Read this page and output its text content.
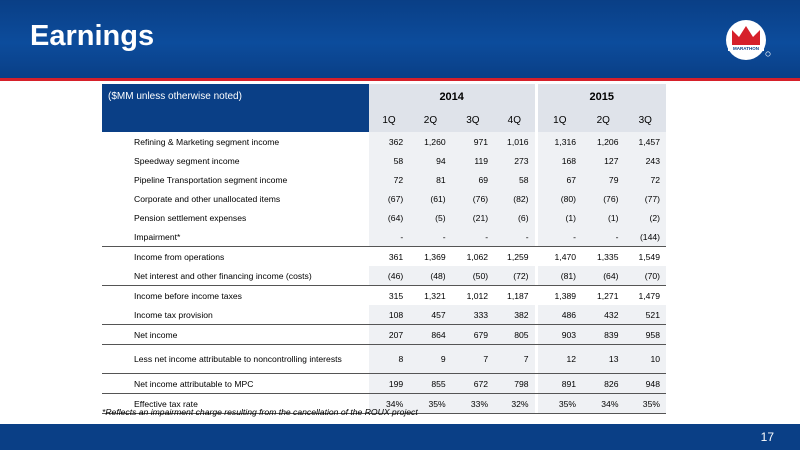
Earnings	MARATHON
($MM unless otherwise noted)	2014					2015		
	1Q	2Q	3Q	4Q		1Q	2Q	3Q
Refining & Marketing segment income	362	1,260	971	1,016		1,316	1,206	1,457
Speedway segment income	58	94	119	273		168	127	243
Pipeline Transportation segment income	72	81	69	58		67	79	72
Corporate and other unallocated items	(67)	(61)	(76)	(82)		(80)	(76)	(77)
Pension settlement expenses	(64)	(5)	(21)	(6)		(1)	(1)	(2)
Impairment*	-	-	-	-		-	-	(144)
Income from operations	361	1,369	1,062	1,259		1,470	1,335	1,549
Net interest and other financing income (costs)	(46)	(48)	(50)	(72)		(81)	(64)	(70)
Income before income taxes	315	1,321	1,012	1,187		1,389	1,271	1,479
Income tax provision	108	457	333	382		486	432	521
Net income	207	864	679	805		903	839	958
Less net income attributable to noncontrolling interests	8	9	7	7		12	13	10
Net income attributable to MPC	199	855	672	798		891	826	948
Effective tax rate	34%	35%	33%	32%		35%	34%	35%
*Reflects an impairment charge resulting from the cancellation of the ROUX project
17
